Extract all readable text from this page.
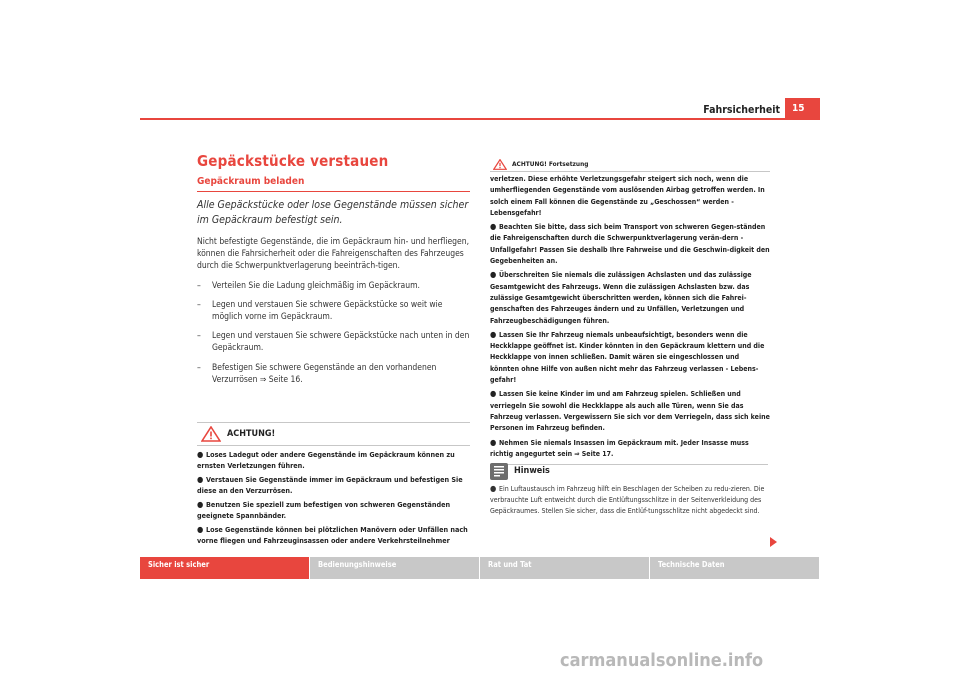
Fahrsicherheit	15
Gepäckstücke verstauen
Gepäckraum beladen
Alle Gepäckstücke oder lose Gegenstände müssen sicher im Gepäckraum befestigt sein.
Nicht befestigte Gegenstände, die im Gepäckraum hin- und herfliegen, können die Fahrsicherheit oder die Fahreigenschaften des Fahrzeuges durch die Schwerpunktverlagerung beeinträch-tigen.
– Verteilen Sie die Ladung gleichmäßig im Gepäckraum.
– Legen und verstauen Sie schwere Gepäckstücke so weit wie möglich vorne im Gepäckraum.
– Legen und verstauen Sie schwere Gepäckstücke nach unten in den Gepäckraum.
– Befestigen Sie schwere Gegenstände an den vorhandenen Verzurrösen ⇒ Seite 16.
ACHTUNG!
● Loses Ladegut oder andere Gegenstände im Gepäckraum können zu ernsten Verletzungen führen.
● Verstauen Sie Gegenstände immer im Gepäckraum und befestigen Sie diese an den Verzurrösen.
● Benutzen Sie speziell zum befestigen von schweren Gegenständen geeignete Spannbänder.
● Lose Gegenstände können bei plötzlichen Manövern oder Unfällen nach vorne fliegen und Fahrzeuginsassen oder andere Verkehrsteilnehmer
ACHTUNG! Fortsetzung
verletzen. Diese erhöhte Verletzungsgefahr steigert sich noch, wenn die umherfliegenden Gegenstände vom auslösenden Airbag getroffen werden. In solch einem Fall können die Gegenstände zu „Geschossen“ werden - Lebensgefahr!
● Beachten Sie bitte, dass sich beim Transport von schweren Gegen-ständen die Fahreigenschaften durch die Schwerpunktverlagerung verän-dern - Unfallgefahr! Passen Sie deshalb Ihre Fahrweise und die Geschwin-digkeit den Gegebenheiten an.
● Überschreiten Sie niemals die zulässigen Achslasten und das zulässige Gesamtgewicht des Fahrzeugs. Wenn die zulässigen Achslasten bzw. das zulässige Gesamtgewicht überschritten werden, können sich die Fahrei-genschaften des Fahrzeuges ändern und zu Unfällen, Verletzungen und Fahrzeugbeschädigungen führen.
● Lassen Sie Ihr Fahrzeug niemals unbeaufsichtigt, besonders wenn die Heckklappe geöffnet ist. Kinder könnten in den Gepäckraum klettern und die Heckklappe von innen schließen. Damit wären sie eingeschlossen und könnten ohne Hilfe von außen nicht mehr das Fahrzeug verlassen - Lebens-gefahr!
● Lassen Sie keine Kinder im und am Fahrzeug spielen. Schließen und verriegeln Sie sowohl die Heckklappe als auch alle Türen, wenn Sie das Fahrzeug verlassen. Vergewissern Sie sich vor dem Verriegeln, dass sich keine Personen im Fahrzeug befinden.
● Nehmen Sie niemals Insassen im Gepäckraum mit. Jeder Insasse muss richtig angegurtet sein ⇒ Seite 17.
Hinweis
● Ein Luftaustausch im Fahrzeug hilft ein Beschlagen der Scheiben zu redu-zieren. Die verbrauchte Luft entweicht durch die Entlüftungsschlitze in der Seitenverkleidung des Gepäckraumes. Stellen Sie sicher, dass die Entlüf-tungsschlitze nicht abgedeckt sind.
Sicher ist sicher	Bedienungshinweise	Rat und Tat	Technische Daten
carmanualsonline.info
